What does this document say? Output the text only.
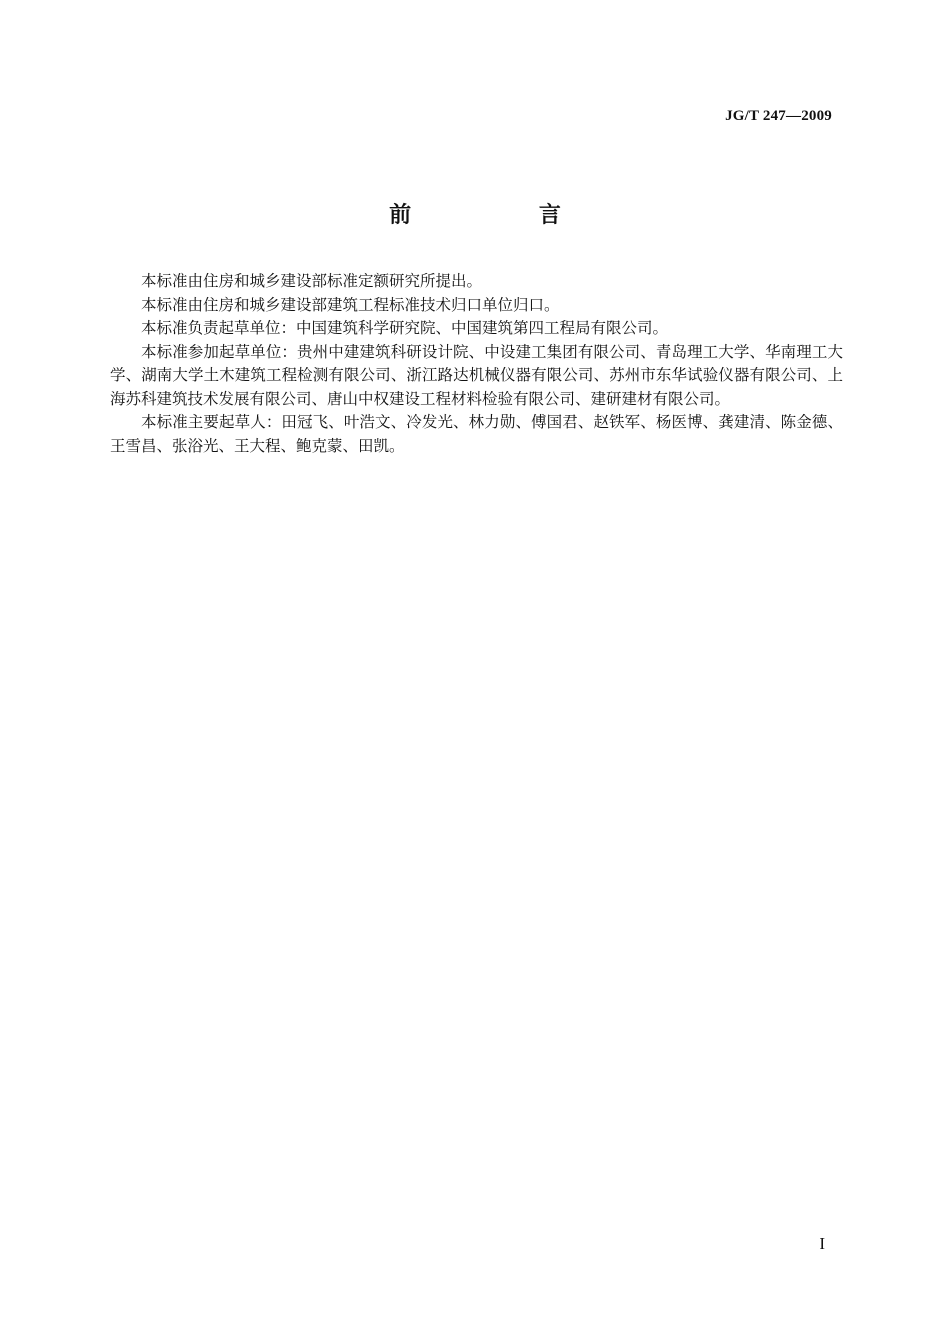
JG/T 247—2009
前 言

本标准由住房和城乡建设部标准定额研究所提出。

本标准由住房和城乡建设部建筑工程标准技术归口单位归口。

本标准负责起草单位：中国建筑科学研究院、中国建筑第四工程局有限公司。

本标准参加起草单位：贵州中建建筑科研设计院、中设建工集团有限公司、青岛理工大学、华南理工大学、湖南大学土木建筑工程检测有限公司、浙江路达机械仪器有限公司、苏州市东华试验仪器有限公司、上海苏科建筑技术发展有限公司、唐山中权建设工程材料检验有限公司、建研建材有限公司。

本标准主要起草人：田冠飞、叶浩文、冷发光、林力勋、傅国君、赵铁军、杨医博、龚建清、陈金德、王雪昌、张浴光、王大程、鲍克蒙、田凯。

I
